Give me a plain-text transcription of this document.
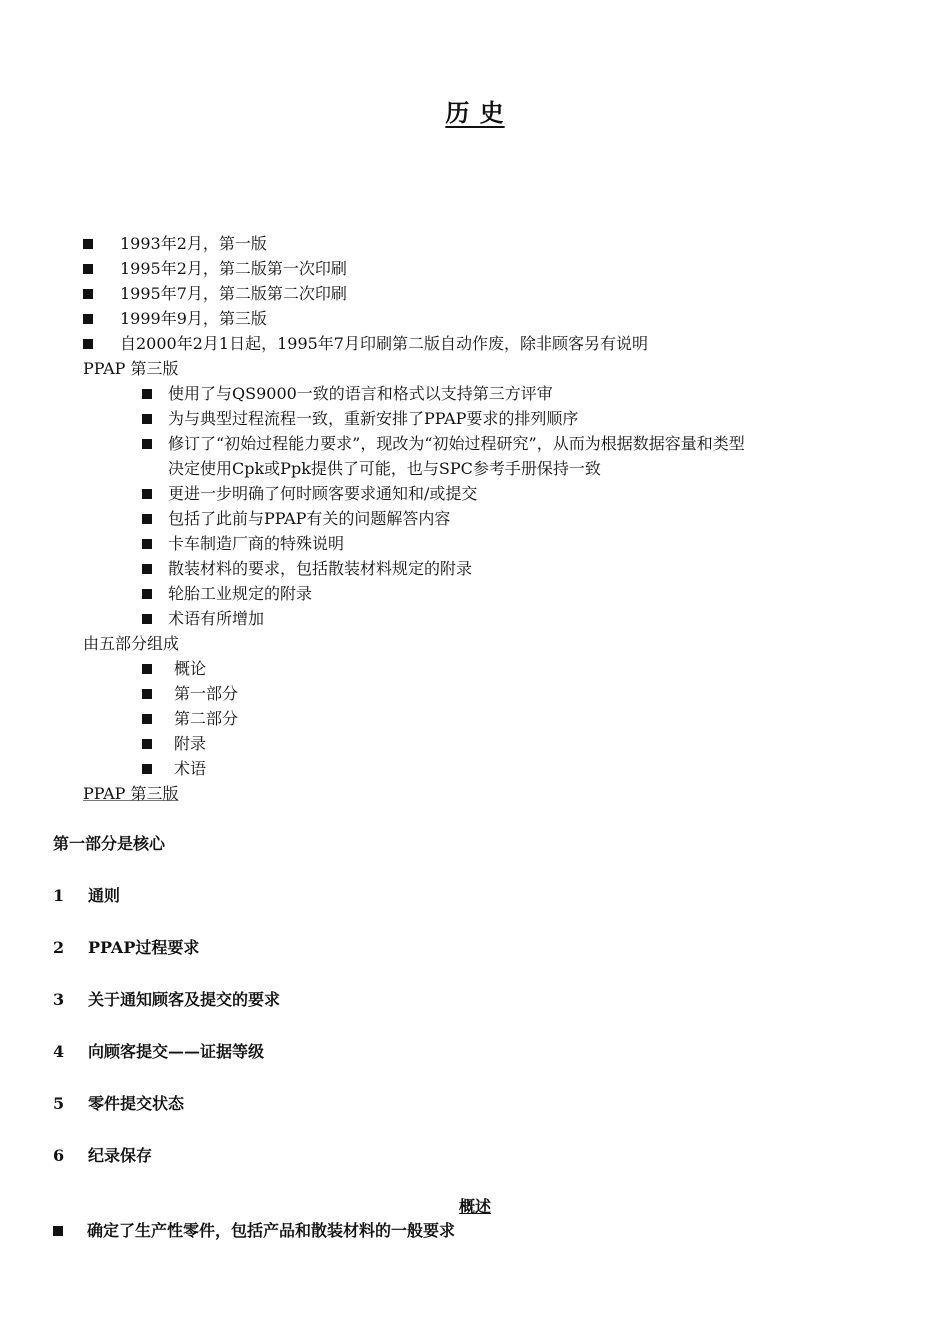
历 史
1993年2月，第一版
1995年2月，第二版第一次印刷
1995年7月，第二版第二次印刷
1999年9月，第三版
自2000年2月1日起，1995年7月印刷第二版自动作废，除非顾客另有说明
PPAP 第三版
使用了与QS9000一致的语言和格式以支持第三方评审
为与典型过程流程一致，重新安排了PPAP要求的排列顺序
修订了“初始过程能力要求”，现改为“初始过程研究”，从而为根据数据容量和类型
决定使用Cpk或Ppk提供了可能，也与SPC参考手册保持一致
更进一步明确了何时顾客要求通知和/或提交
包括了此前与PPAP有关的问题解答内容
卡车制造厂商的特殊说明
散装材料的要求，包括散装材料规定的附录
轮胎工业规定的附录
术语有所增加
由五部分组成
概论
第一部分
第二部分
附录
术语
PPAP 第三版
第一部分是核心
1 通则
2 PPAP过程要求
3 关于通知顾客及提交的要求
4 向顾客提交——证据等级
5 零件提交状态
6 纪录保存
概述
确定了生产性零件，包括产品和散装材料的一般要求
